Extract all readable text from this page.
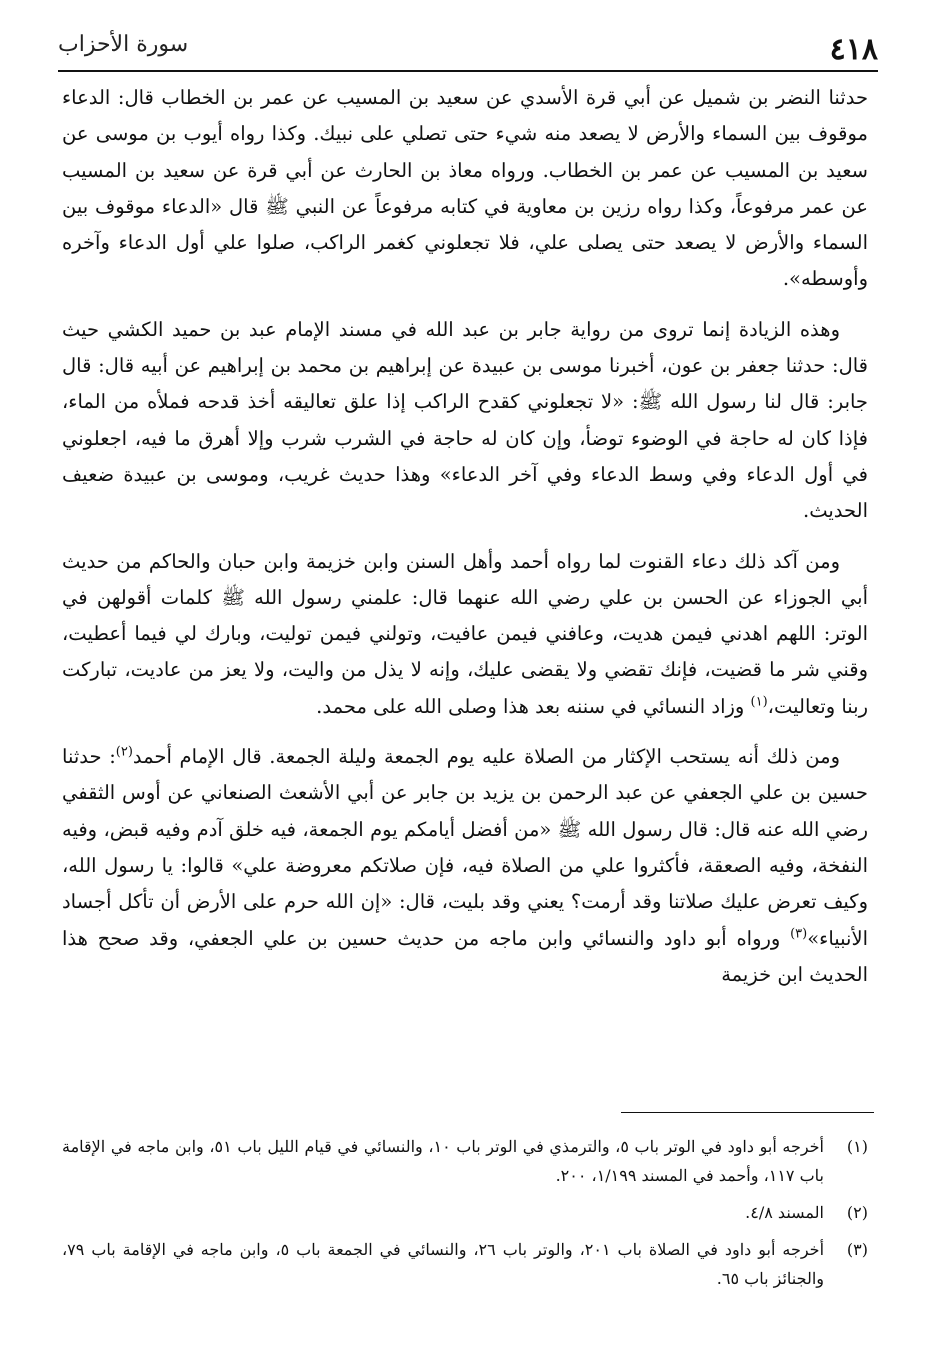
٤١٨
سورة الأحزاب

حدثنا النضر بن شميل عن أبي قرة الأسدي عن سعيد بن المسيب عن عمر بن الخطاب قال: الدعاء موقوف بين السماء والأرض لا يصعد منه شيء حتى تصلي على نبيك. وكذا رواه أيوب بن موسى عن سعيد بن المسيب عن عمر بن الخطاب. ورواه معاذ بن الحارث عن أبي قرة عن سعيد بن المسيب عن عمر مرفوعاً، وكذا رواه رزين بن معاوية في كتابه مرفوعاً عن النبي ﷺ قال «الدعاء موقوف بين السماء والأرض لا يصعد حتى يصلى علي، فلا تجعلوني كغمر الراكب، صلوا علي أول الدعاء وآخره وأوسطه».

وهذه الزيادة إنما تروى من رواية جابر بن عبد الله في مسند الإمام عبد بن حميد الكشي حيث قال: حدثنا جعفر بن عون، أخبرنا موسى بن عبيدة عن إبراهيم بن محمد بن إبراهيم عن أبيه قال: قال جابر: قال لنا رسول الله ﷺ: «لا تجعلوني كقدح الراكب إذا علق تعاليقه أخذ قدحه فملأه من الماء، فإذا كان له حاجة في الوضوء توضأ، وإن كان له حاجة في الشرب شرب وإلا أهرق ما فيه، اجعلوني في أول الدعاء وفي وسط الدعاء وفي آخر الدعاء» وهذا حديث غريب، وموسى بن عبيدة ضعيف الحديث.

ومن آكد ذلك دعاء القنوت لما رواه أحمد وأهل السنن وابن خزيمة وابن حبان والحاكم من حديث أبي الجوزاء عن الحسن بن علي رضي الله عنهما قال: علمني رسول الله ﷺ كلمات أقولهن في الوتر: اللهم اهدني فيمن هديت، وعافني فيمن عافيت، وتولني فيمن توليت، وبارك لي فيما أعطيت، وقني شر ما قضيت، فإنك تقضي ولا يقضى عليك، وإنه لا يذل من واليت، ولا يعز من عاديت، تباركت ربنا وتعاليت،$^{(١)}$ وزاد النسائي في سننه بعد هذا وصلى الله على محمد.

ومن ذلك أنه يستحب الإكثار من الصلاة عليه يوم الجمعة وليلة الجمعة. قال الإمام أحمد$^{(٢)}$: حدثنا حسين بن علي الجعفي عن عبد الرحمن بن يزيد بن جابر عن أبي الأشعث الصنعاني عن أوس الثقفي رضي الله عنه قال: قال رسول الله ﷺ «من أفضل أيامكم يوم الجمعة، فيه خلق آدم وفيه قبض، وفيه النفخة، وفيه الصعقة، فأكثروا علي من الصلاة فيه، فإن صلاتكم معروضة علي» قالوا: يا رسول الله، وكيف تعرض عليك صلاتنا وقد أرمت؟ يعني وقد بليت، قال: «إن الله حرم على الأرض أن تأكل أجساد الأنبياء»$^{(٣)}$ ورواه أبو داود والنسائي وابن ماجه من حديث حسين بن علي الجعفي، وقد صحح هذا الحديث ابن خزيمة

(١)
أخرجه أبو داود في الوتر باب ٥، والترمذي في الوتر باب ١٠، والنسائي في قيام الليل باب ٥١، وابن ماجه في الإقامة باب ١١٧، وأحمد في المسند ١/١٩٩، ٢٠٠.
(٢)
المسند ٤/٨.
(٣)
أخرجه أبو داود في الصلاة باب ٢٠١، والوتر باب ٢٦، والنسائي في الجمعة باب ٥، وابن ماجه في الإقامة باب ٧٩، والجنائز باب ٦٥.
